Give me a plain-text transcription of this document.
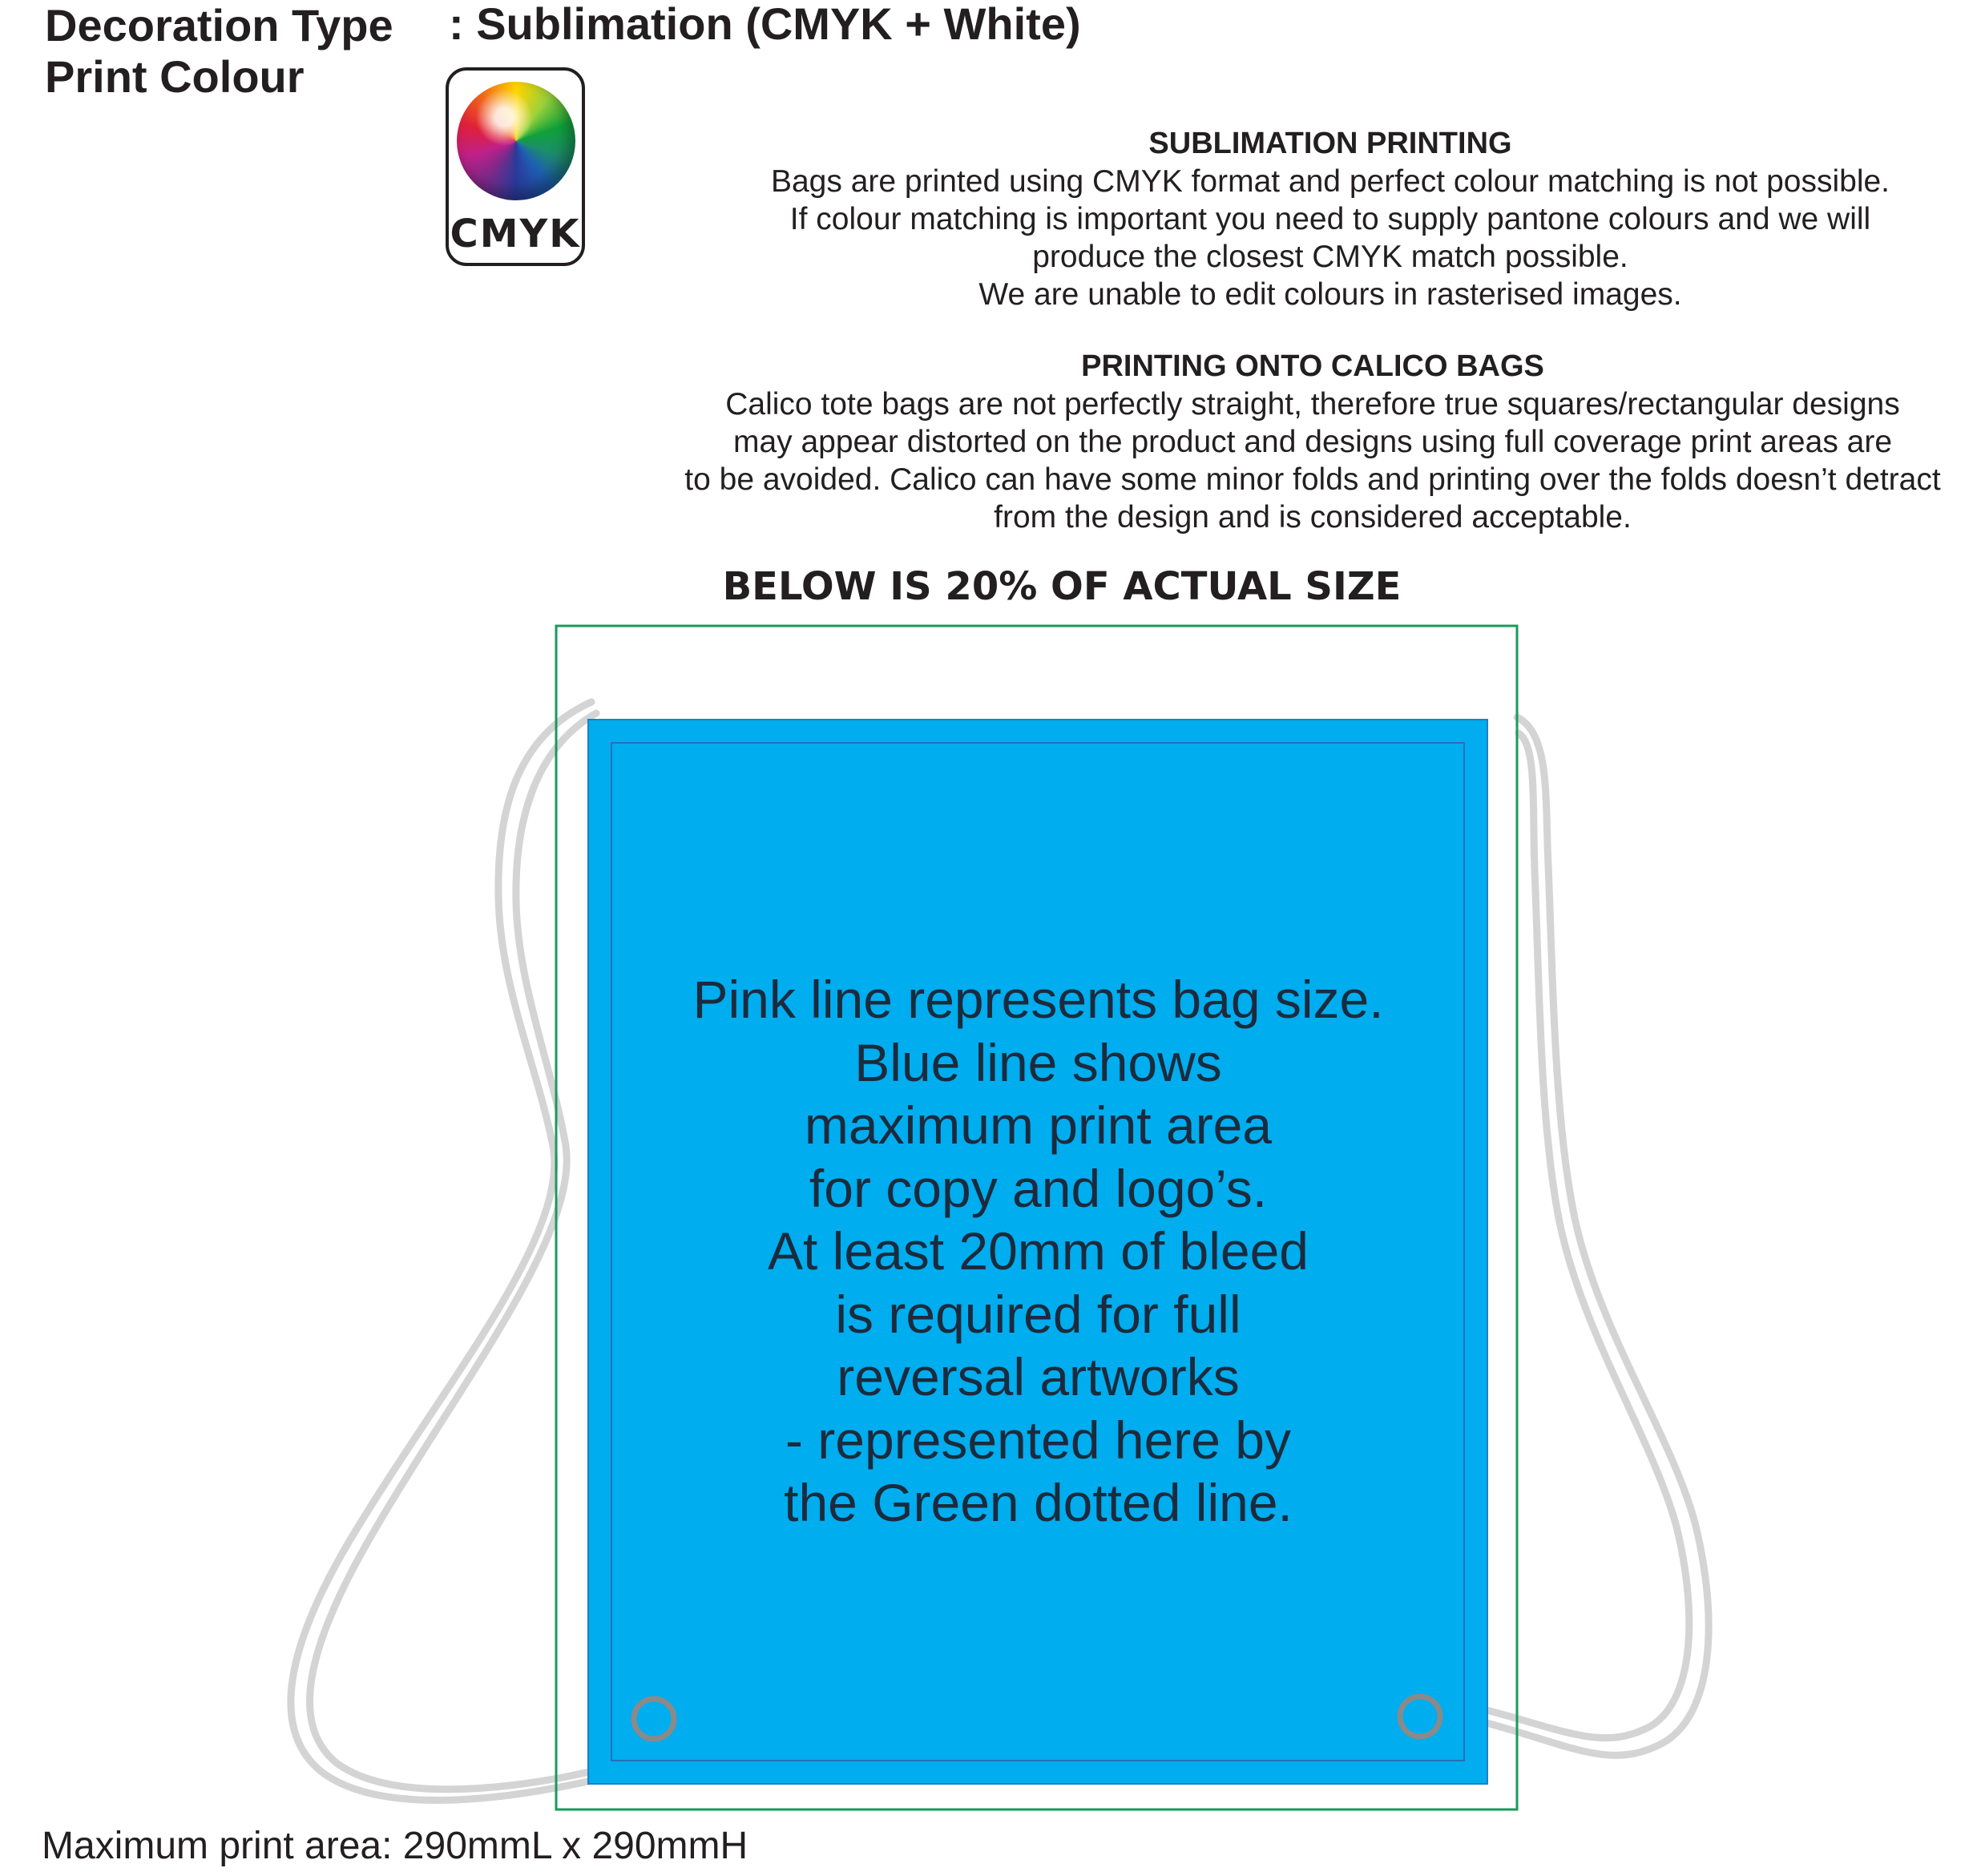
Decoration Type : Sublimation (CMYK + White)
Print Colour
CMYK
SUBLIMATION PRINTING
Bags are printed using CMYK format and perfect colour matching is not possible.
If colour matching is important you need to supply pantone colours and we will
produce the closest CMYK match possible.
We are unable to edit colours in rasterised images.
PRINTING ONTO CALICO BAGS
Calico tote bags are not perfectly straight, therefore true squares/rectangular designs
may appear distorted on the product and designs using full coverage print areas are
to be avoided. Calico can have some minor folds and printing over the folds doesn’t detract
from the design and is considered acceptable.
BELOW IS 20% OF ACTUAL SIZE
Pink line represents bag size.
Blue line shows
maximum print area
for copy and logo’s.
At least 20mm of bleed
is required for full
reversal artworks
- represented here by
the Green dotted line.
Maximum print area: 290mmL x 290mmH
